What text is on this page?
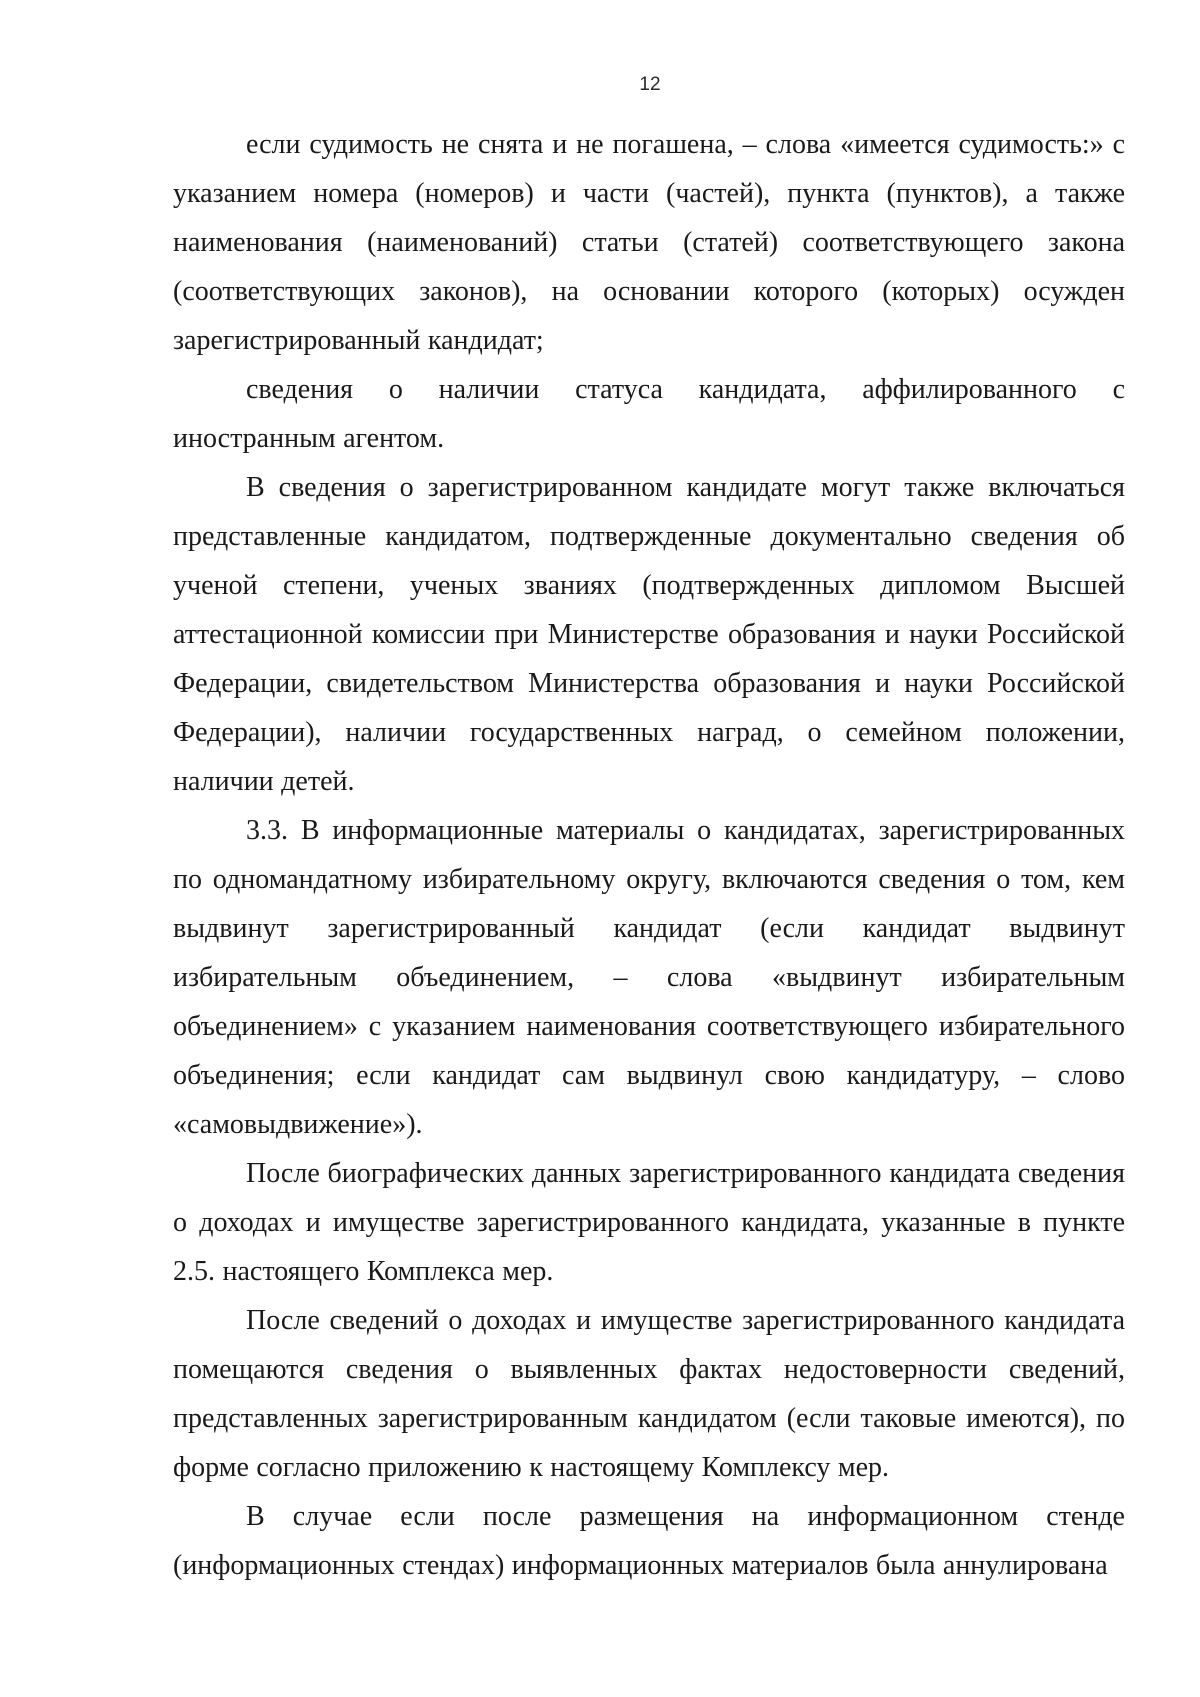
12

если судимость не снята и не погашена, – слова «имеется судимость:» с указанием номера (номеров) и части (частей), пункта (пунктов), а также наименования (наименований) статьи (статей) соответствующего закона (соответствующих законов), на основании которого (которых) осужден зарегистрированный кандидат;

сведения о наличии статуса кандидата, аффилированного с иностранным агентом.

В сведения о зарегистрированном кандидате могут также включаться представленные кандидатом, подтвержденные документально сведения об ученой степени, ученых званиях (подтвержденных дипломом Высшей аттестационной комиссии при Министерстве образования и науки Российской Федерации, свидетельством Министерства образования и науки Российской Федерации), наличии государственных наград, о семейном положении, наличии детей.

3.3. В информационные материалы о кандидатах, зарегистрированных по одномандатному избирательному округу, включаются сведения о том, кем выдвинут зарегистрированный кандидат (если кандидат выдвинут избирательным объединением, – слова «выдвинут избирательным объединением» с указанием наименования соответствующего избирательного объединения; если кандидат сам выдвинул свою кандидатуру, – слово «самовыдвижение»).

После биографических данных зарегистрированного кандидата сведения о доходах и имуществе зарегистрированного кандидата, указанные в пункте 2.5. настоящего Комплекса мер.

После сведений о доходах и имуществе зарегистрированного кандидата помещаются сведения о выявленных фактах недостоверности сведений, представленных зарегистрированным кандидатом (если таковые имеются), по форме согласно приложению к настоящему Комплексу мер.

В случае если после размещения на информационном стенде (информационных стендах) информационных материалов была аннулирована
